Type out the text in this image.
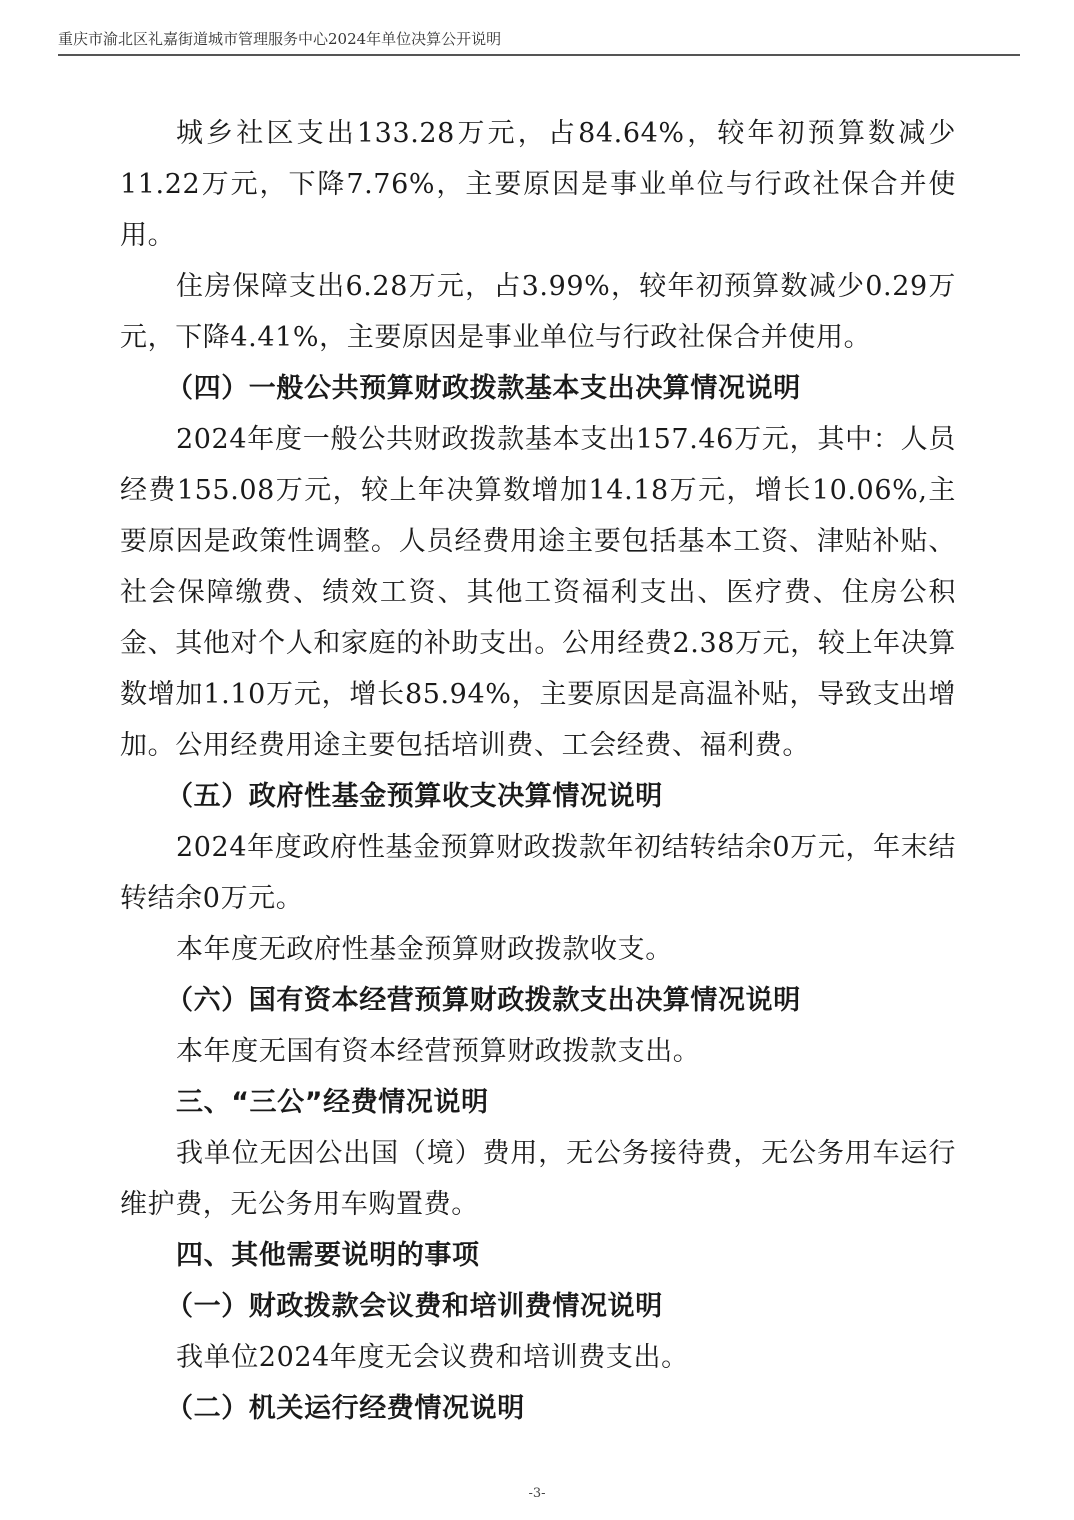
重庆市渝北区礼嘉街道城市管理服务中心2024年单位决算公开说明

城乡社区支出133.28万元，占84.64%，较年初预算数减少11.22万元，下降7.76%，主要原因是事业单位与行政社保合并使用。

住房保障支出6.28万元，占3.99%，较年初预算数减少0.29万元，下降4.41%，主要原因是事业单位与行政社保合并使用。

（四）一般公共预算财政拨款基本支出决算情况说明

2024年度一般公共财政拨款基本支出157.46万元，其中：人员经费155.08万元，较上年决算数增加14.18万元，增长10.06%,主要原因是政策性调整。人员经费用途主要包括基本工资、津贴补贴、社会保障缴费、绩效工资、其他工资福利支出、医疗费、住房公积金、其他对个人和家庭的补助支出。公用经费2.38万元，较上年决算数增加1.10万元，增长85.94%，主要原因是高温补贴，导致支出增加。公用经费用途主要包括培训费、工会经费、福利费。

（五）政府性基金预算收支决算情况说明

2024年度政府性基金预算财政拨款年初结转结余0万元，年末结转结余0万元。

本年度无政府性基金预算财政拨款收支。

（六）国有资本经营预算财政拨款支出决算情况说明

本年度无国有资本经营预算财政拨款支出。

三、“三公”经费情况说明

我单位无因公出国（境）费用，无公务接待费，无公务用车运行维护费，无公务用车购置费。

四、其他需要说明的事项

（一）财政拨款会议费和培训费情况说明

我单位2024年度无会议费和培训费支出。

（二）机关运行经费情况说明

-3-
